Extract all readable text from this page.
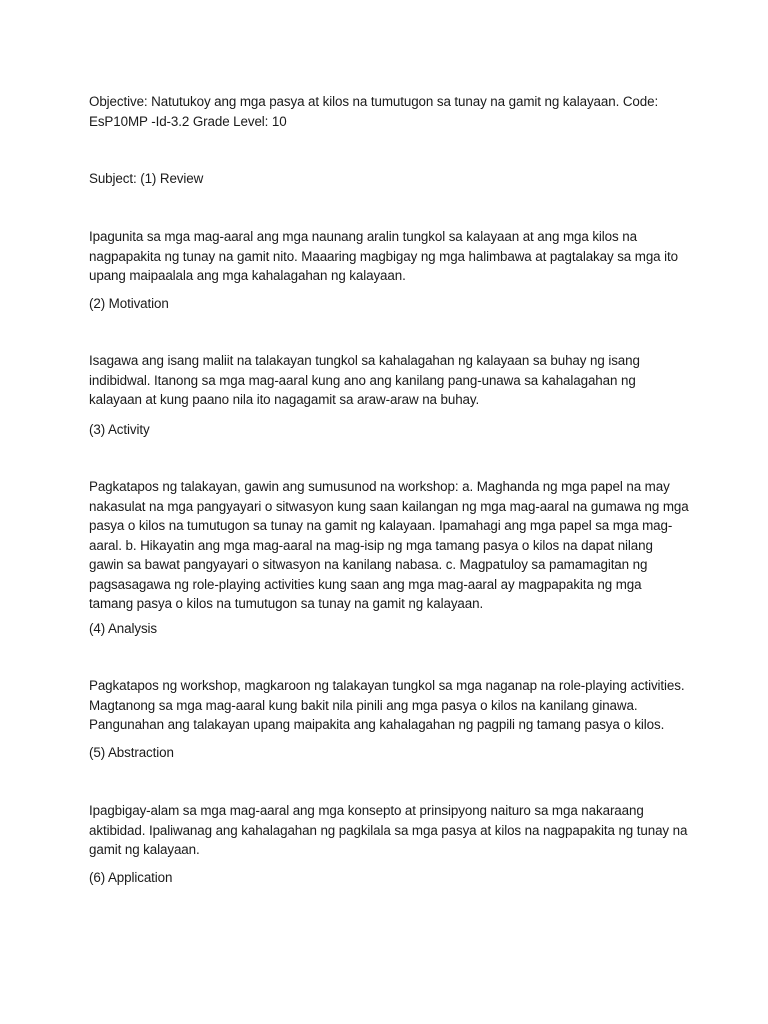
Objective: Natutukoy ang mga pasya at kilos na tumutugon sa tunay na gamit ng kalayaan. Code: EsP10MP -Id-3.2 Grade Level: 10

Subject: (1) Review

Ipagunita sa mga mag-aaral ang mga naunang aralin tungkol sa kalayaan at ang mga kilos na nagpapakita ng tunay na gamit nito. Maaaring magbigay ng mga halimbawa at pagtalakay sa mga ito upang maipaalala ang mga kahalagahan ng kalayaan.

(2) Motivation

Isagawa ang isang maliit na talakayan tungkol sa kahalagahan ng kalayaan sa buhay ng isang indibidwal. Itanong sa mga mag-aaral kung ano ang kanilang pang-unawa sa kahalagahan ng kalayaan at kung paano nila ito nagagamit sa araw-araw na buhay.

(3) Activity

Pagkatapos ng talakayan, gawin ang sumusunod na workshop: a. Maghanda ng mga papel na may nakasulat na mga pangyayari o sitwasyon kung saan kailangan ng mga mag-aaral na gumawa ng mga pasya o kilos na tumutugon sa tunay na gamit ng kalayaan. Ipamahagi ang mga papel sa mga mag-aaral. b. Hikayatin ang mga mag-aaral na mag-isip ng mga tamang pasya o kilos na dapat nilang gawin sa bawat pangyayari o sitwasyon na kanilang nabasa. c. Magpatuloy sa pamamagitan ng pagsasagawa ng role-playing activities kung saan ang mga mag-aaral ay magpapakita ng mga tamang pasya o kilos na tumutugon sa tunay na gamit ng kalayaan.

(4) Analysis

Pagkatapos ng workshop, magkaroon ng talakayan tungkol sa mga naganap na role-playing activities. Magtanong sa mga mag-aaral kung bakit nila pinili ang mga pasya o kilos na kanilang ginawa. Pangunahan ang talakayan upang maipakita ang kahalagahan ng pagpili ng tamang pasya o kilos.

(5) Abstraction

Ipagbigay-alam sa mga mag-aaral ang mga konsepto at prinsipyong naituro sa mga nakaraang aktibidad. Ipaliwanag ang kahalagahan ng pagkilala sa mga pasya at kilos na nagpapakita ng tunay na gamit ng kalayaan.

(6) Application
